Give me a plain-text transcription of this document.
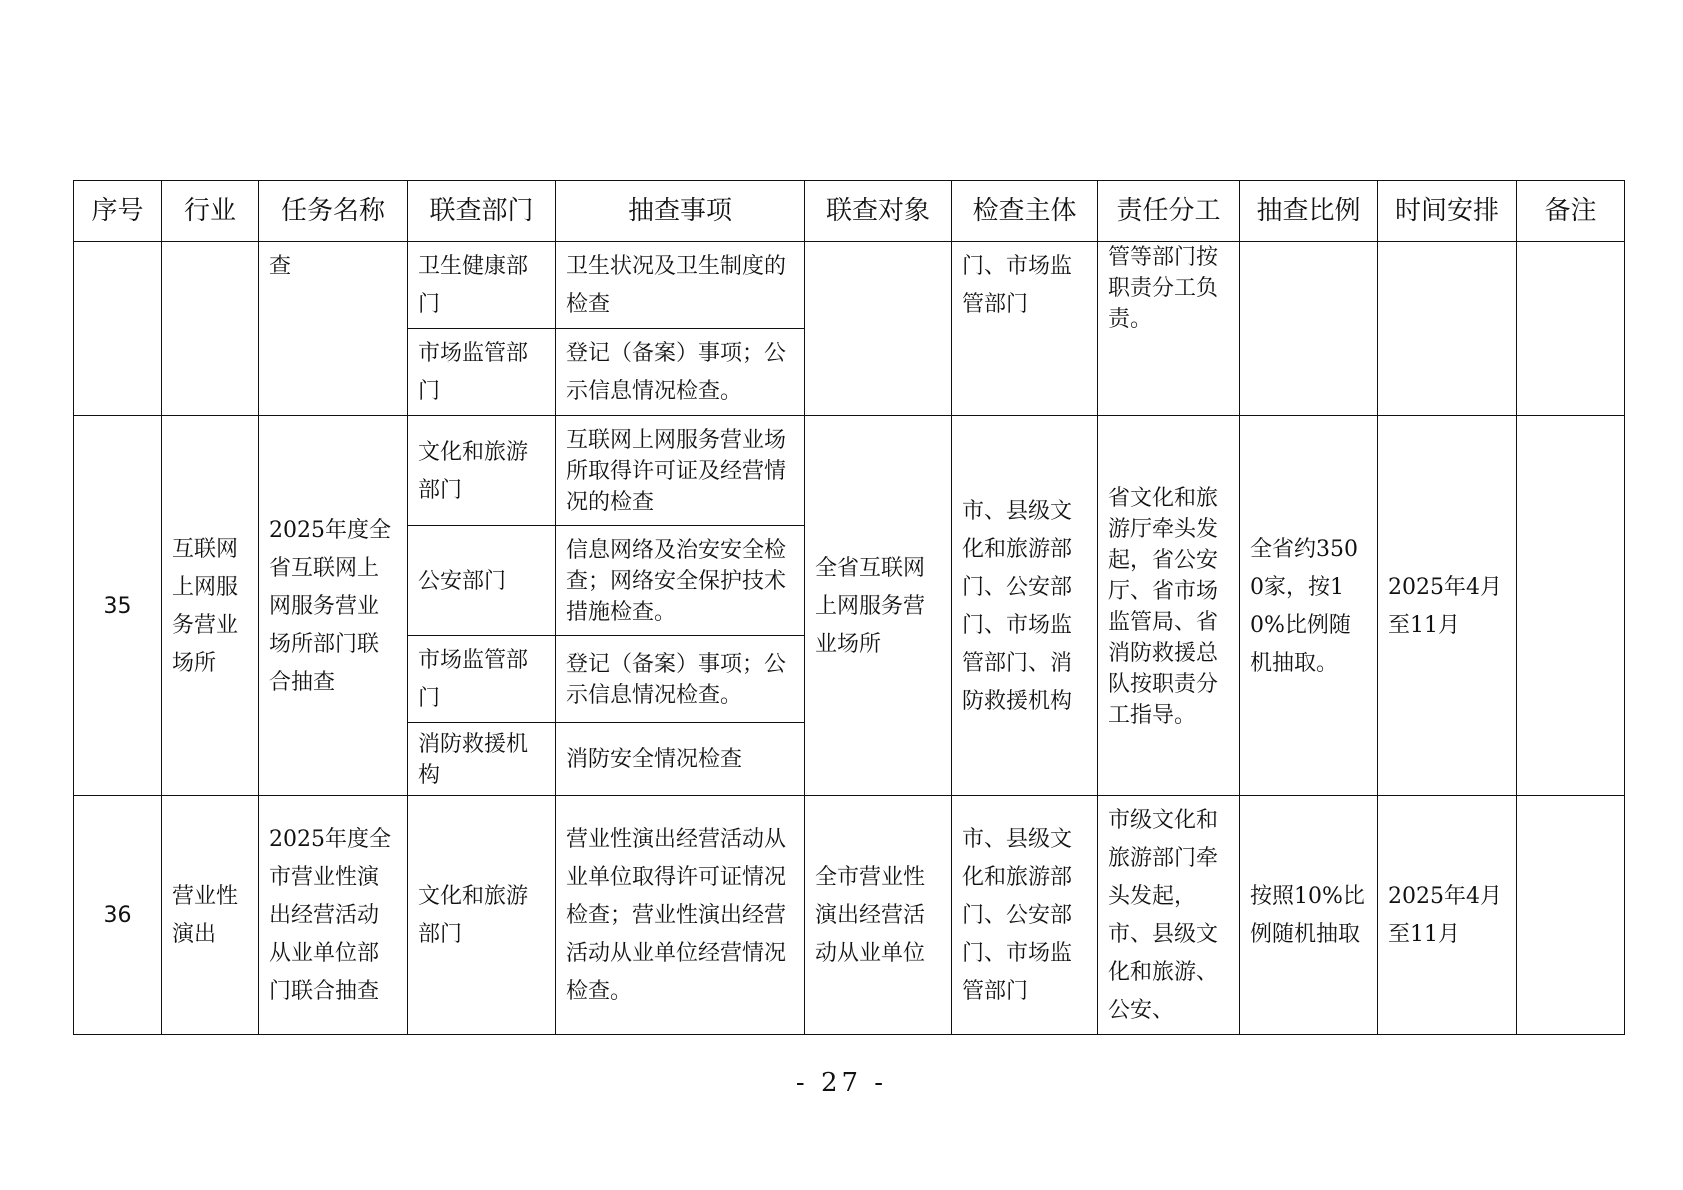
序号	行业	任务名称	联查部门	抽查事项	联查对象	检查主体	责任分工	抽查比例	时间安排	备注
		查	卫生健康部门	卫生状况及卫生制度的检查		门、市场监管部门	管等部门按职责分工负责。			
			市场监管部门	登记（备案）事项；公示信息情况检查。						
35	互联网上网服务营业场所	2025年度全省互联网上网服务营业场所部门联合抽查	文化和旅游部门	互联网上网服务营业场所取得许可证及经营情况的检查	全省互联网上网服务营业场所	市、县级文化和旅游部门、公安部门、市场监管部门、消防救援机构	省文化和旅游厅牵头发起，省公安厅、省市场监管局、省消防救援总队按职责分工指导。	全省约3500家，按10%比例随机抽取。	2025年4月至11月	
			公安部门	信息网络及治安安全检查；网络安全保护技术措施检查。						
			市场监管部门	登记（备案）事项；公示信息情况检查。						
			消防救援机构	消防安全情况检查						
36	营业性演出	2025年度全市营业性演出经营活动从业单位部门联合抽查	文化和旅游部门	营业性演出经营活动从业单位取得许可证情况检查；营业性演出经营活动从业单位经营情况检查。	全市营业性演出经营活动从业单位	市、县级文化和旅游部门、公安部门、市场监管部门	市级文化和旅游部门牵头发起，市、县级文化和旅游、公安、	按照10%比例随机抽取	2025年4月至11月	
- 27 -
